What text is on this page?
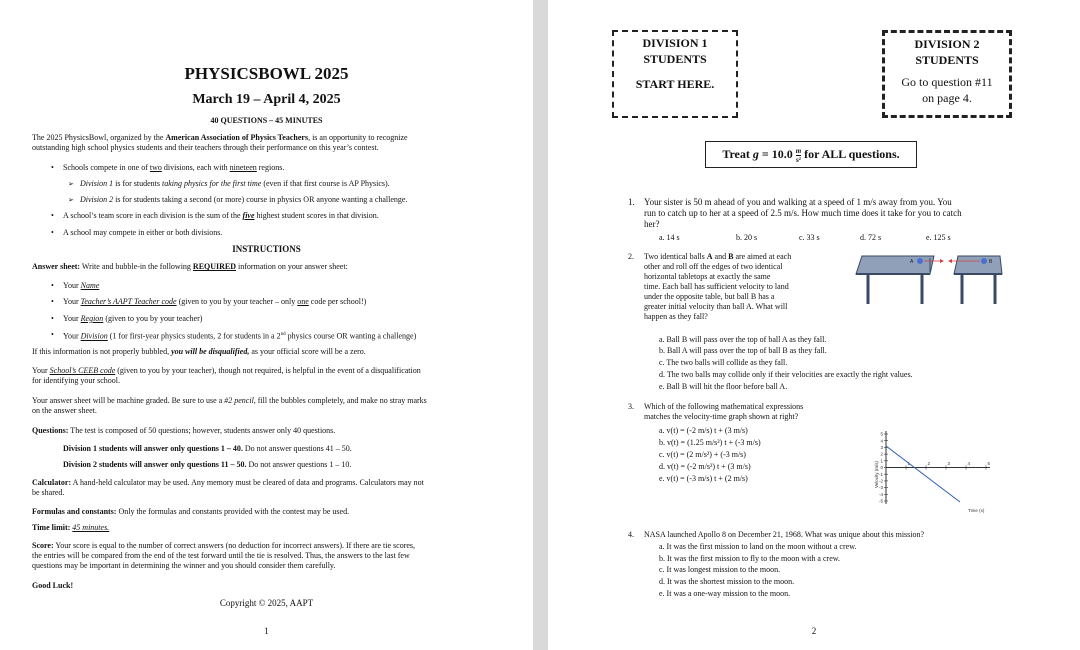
PHYSICSBOWL 2025
March 19 – April 4, 2025
40 QUESTIONS – 45 MINUTES
The 2025 PhysicsBowl, organized by the American Association of Physics Teachers, is an opportunity to recognize
outstanding high school physics students and their teachers through their performance on this year’s contest.
• Schools compete in one of two divisions, each with nineteen regions.
➢ Division 1 is for students taking physics for the first time (even if that first course is AP Physics).
➢ Division 2 is for students taking a second (or more) course in physics OR anyone wanting a challenge.
• A school’s team score in each division is the sum of the five highest student scores in that division.
• A school may compete in either or both divisions.
INSTRUCTIONS
Answer sheet: Write and bubble-in the following REQUIRED information on your answer sheet:
• Your Name
• Your Teacher’s AAPT Teacher code (given to you by your teacher – only one code per school!)
• Your Region (given to you by your teacher)
• Your Division (1 for first-year physics students, 2 for students in a 2nd physics course OR wanting a challenge)
If this information is not properly bubbled, you will be disqualified, as your official score will be a zero.
Your School’s CEEB code (given to you by your teacher), though not required, is helpful in the event of a disqualification
for identifying your school.
Your answer sheet will be machine graded. Be sure to use a #2 pencil, fill the bubbles completely, and make no stray marks
on the answer sheet.
Questions: The test is composed of 50 questions; however, students answer only 40 questions.
Division 1 students will answer only questions 1 – 40. Do not answer questions 41 – 50.
Division 2 students will answer only questions 11 – 50. Do not answer questions 1 – 10.
Calculator: A hand-held calculator may be used. Any memory must be cleared of data and programs. Calculators may not
be shared.
Formulas and constants: Only the formulas and constants provided with the contest may be used.
Time limit: 45 minutes.
Score: Your score is equal to the number of correct answers (no deduction for incorrect answers). If there are tie scores,
the entries will be compared from the end of the test forward until the tie is resolved. Thus, the answers to the last few
questions may be important in determining the winner and you should consider them carefully.
Good Luck!
Copyright © 2025, AAPT
1
DIVISION 1
STUDENTS
START HERE.
DIVISION 2
STUDENTS
Go to question #11
on page 4.
Treat $g = 10.0 \frac{m}{\text{s²}}$ for ALL questions.
1. Your sister is 50 m ahead of you and walking at a speed of 1 m/s away from you. You
run to catch up to her at a speed of 2.5 m/s. How much time does it take for you to catch
her?
a. 14 s	b. 20 s	c. 33 s	d. 72 s	e. 125 s
2. Two identical balls A and B are aimed at each
other and roll off the edges of two identical
horizontal tabletops at exactly the same
time. Each ball has sufficient velocity to land
under the opposite table, but ball B has a
greater initial velocity than ball A. What will
happen as they fall?
A	B
a. Ball B will pass over the top of ball A as they fall.
b. Ball A will pass over the top of ball B as they fall.
c. The two balls will collide as they fall.
d. The two balls may collide only if their velocities are exactly the right values.
e. Ball B will hit the floor before ball A.
3. Which of the following mathematical expressions
matches the velocity-time graph shown at right?
a. v(t) = (-2 m/s) t + (3 m/s)
b. v(t) = (1.25 m/s²) t + (-3 m/s)
c. v(t) = (2 m/s²) + (-3 m/s)
d. v(t) = (-2 m/s²) t + (3 m/s)
e. v(t) = (-3 m/s) t + (2 m/s)	Velocity (m/s)
5
4
3
2
1
0
-1
-2
-3
-4
-5
2	3	4	5
Time (s)
4. NASA launched Apollo 8 on December 21, 1968. What was unique about this mission?
a. It was the first mission to land on the moon without a crew.
b. It was the first mission to fly to the moon with a crew.
c. It was longest mission to the moon.
d. It was the shortest mission to the moon.
e. It was a one-way mission to the moon.
2
